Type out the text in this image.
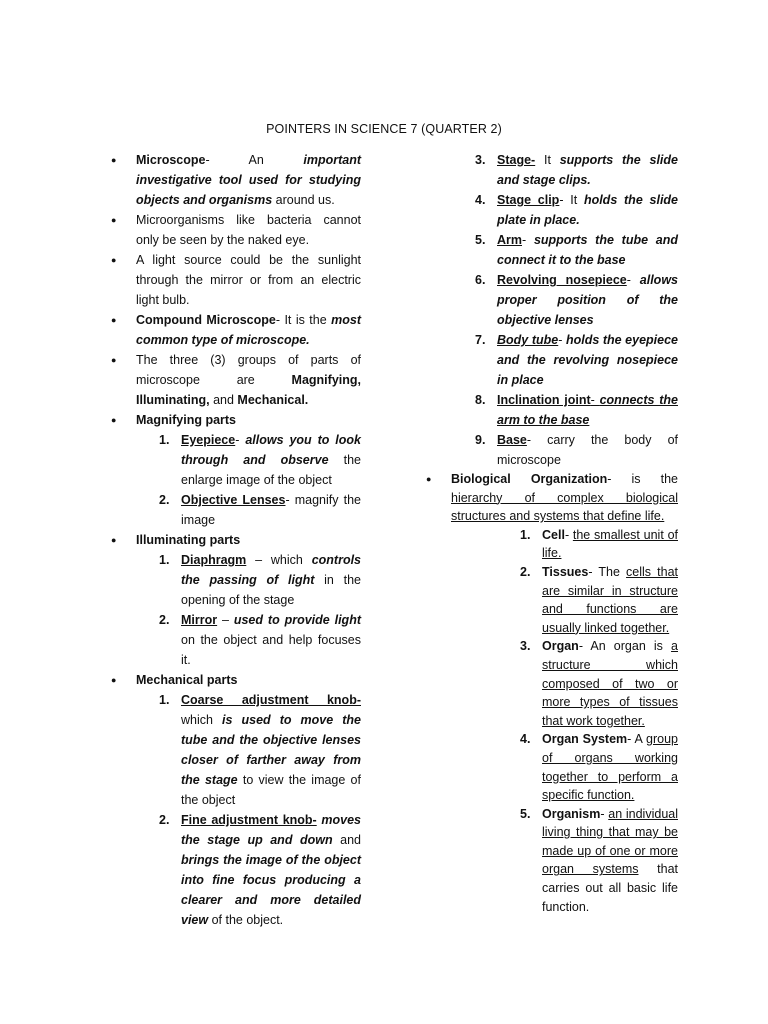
POINTERS IN SCIENCE 7 (QUARTER 2)
● Microscope- An important investigative tool used for studying objects and organisms around us.
● Microorganisms like bacteria cannot only be seen by the naked eye.
● A light source could be the sunlight through the mirror or from an electric light bulb.
● Compound Microscope- It is the most common type of microscope.
● The three (3) groups of parts of microscope are Magnifying, Illuminating, and Mechanical.
● Magnifying parts
1. Eyepiece- allows you to look through and observe the enlarge image of the object
2. Objective Lenses- magnify the image
● Illuminating parts
1. Diaphragm – which controls the passing of light in the opening of the stage
2. Mirror – used to provide light on the object and help focuses it.
● Mechanical parts
1. Coarse adjustment knob- which is used to move the tube and the objective lenses closer of farther away from the stage to view the image of the object
2. Fine adjustment knob- moves the stage up and down and brings the image of the object into fine focus producing a clearer and more detailed view of the object.
3. Stage- It supports the slide and stage clips.
4. Stage clip- It holds the slide plate in place.
5. Arm- supports the tube and connect it to the base
6. Revolving nosepiece- allows proper position of the objective lenses
7. Body tube- holds the eyepiece and the revolving nosepiece in place
8. Inclination joint- connects the arm to the base
9. Base- carry the body of microscope
● Biological Organization- is the hierarchy of complex biological structures and systems that define life.
1. Cell- the smallest unit of life.
2. Tissues- The cells that are similar in structure and functions are usually linked together.
3. Organ- An organ is a structure which composed of two or more types of tissues that work together.
4. Organ System- A group of organs working together to perform a specific function.
5. Organism- an individual living thing that may be made up of one or more organ systems that carries out all basic life function.
